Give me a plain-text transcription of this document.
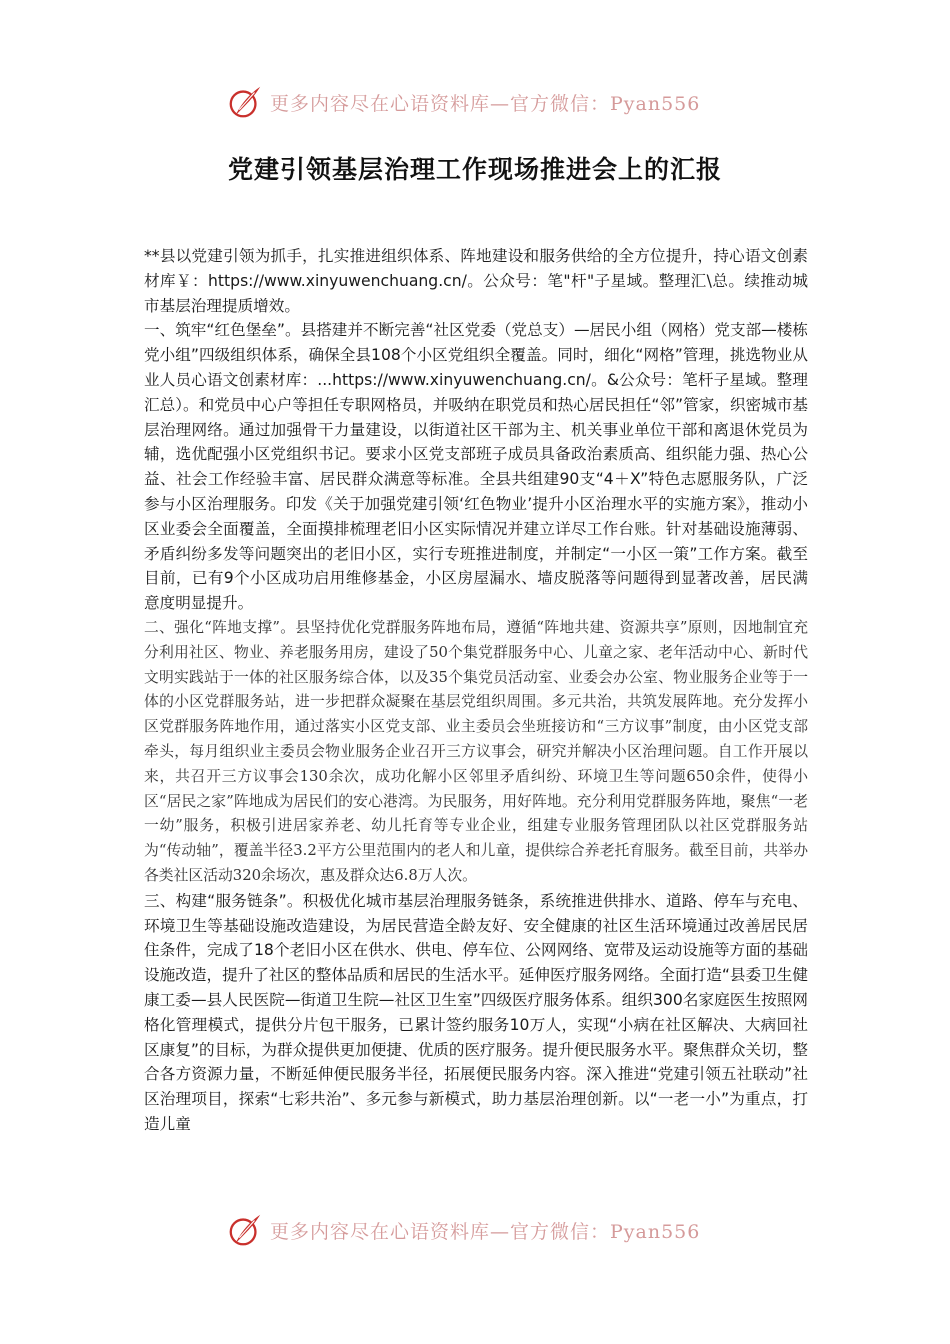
更多内容尽在心语资料库—官方微信：Pyan556
党建引领基层治理工作现场推进会上的汇报

**县以党建引领为抓手，扎实推进组织体系、阵地建设和服务供给的全方位提升，持心语文创素材库￥：https://www.xinyuwenchuang.cn/。公众号：笔"杆"子星域。整理汇\总。续推动城市基层治理提质增效。

一、筑牢“红色堡垒”。县搭建并不断完善“社区党委（党总支）—居民小组（网格）党支部—楼栋党小组”四级组织体系，确保全县108个小区党组织全覆盖。同时，细化“网格”管理，挑选物业从业人员心语文创素材库：...https://www.xinyuwenchuang.cn/。&公众号：笔杆子星域。整理汇总）。和党员中心户等担任专职网格员，并吸纳在职党员和热心居民担任“邻”管家，织密城市基层治理网络。通过加强骨干力量建设，以街道社区干部为主、机关事业单位干部和离退休党员为辅，选优配强小区党组织书记。要求小区党支部班子成员具备政治素质高、组织能力强、热心公益、社会工作经验丰富、居民群众满意等标准。全县共组建90支“4＋X”特色志愿服务队，广泛参与小区治理服务。印发《关于加强党建引领‘红色物业’提升小区治理水平的实施方案》，推动小区业委会全面覆盖，全面摸排梳理老旧小区实际情况并建立详尽工作台账。针对基础设施薄弱、矛盾纠纷多发等问题突出的老旧小区，实行专班推进制度，并制定“一小区一策”工作方案。截至目前，已有9个小区成功启用维修基金，小区房屋漏水、墙皮脱落等问题得到显著改善，居民满意度明显提升。

二、强化“阵地支撑”。县坚持优化党群服务阵地布局，遵循“阵地共建、资源共享”原则，因地制宜充分利用社区、物业、养老服务用房，建设了50个集党群服务中心、儿童之家、老年活动中心、新时代文明实践站于一体的社区服务综合体，以及35个集党员活动室、业委会办公室、物业服务企业等于一体的小区党群服务站，进一步把群众凝聚在基层党组织周围。多元共治，共筑发展阵地。充分发挥小区党群服务阵地作用，通过落实小区党支部、业主委员会坐班接访和“三方议事”制度，由小区党支部牵头，每月组织业主委员会物业服务企业召开三方议事会，研究并解决小区治理问题。自工作开展以来，共召开三方议事会130余次，成功化解小区邻里矛盾纠纷、环境卫生等问题650余件，使得小区“居民之家”阵地成为居民们的安心港湾。为民服务，用好阵地。充分利用党群服务阵地，聚焦“一老一幼”服务，积极引进居家养老、幼儿托育等专业企业，组建专业服务管理团队以社区党群服务站为“传动轴”，覆盖半径3.2平方公里范围内的老人和儿童，提供综合养老托育服务。截至目前，共举办各类社区活动320余场次，惠及群众达6.8万人次。

三、构建“服务链条”。积极优化城市基层治理服务链条，系统推进供排水、道路、停车与充电、环境卫生等基础设施改造建设，为居民营造全龄友好、安全健康的社区生活环境通过改善居民居住条件，完成了18个老旧小区在供水、供电、停车位、公网网络、宽带及运动设施等方面的基础设施改造，提升了社区的整体品质和居民的生活水平。延伸医疗服务网络。全面打造“县委卫生健康工委—县人民医院—街道卫生院—社区卫生室”四级医疗服务体系。组织300名家庭医生按照网格化管理模式，提供分片包干服务，已累计签约服务10万人，实现“小病在社区解决、大病回社区康复”的目标，为群众提供更加便捷、优质的医疗服务。提升便民服务水平。聚焦群众关切，整合各方资源力量，不断延伸便民服务半径，拓展便民服务内容。深入推进“党建引领五社联动”社区治理项目，探索“七彩共治”、多元参与新模式，助力基层治理创新。以“一老一小”为重点，打造儿童

更多内容尽在心语资料库—官方微信：Pyan556
